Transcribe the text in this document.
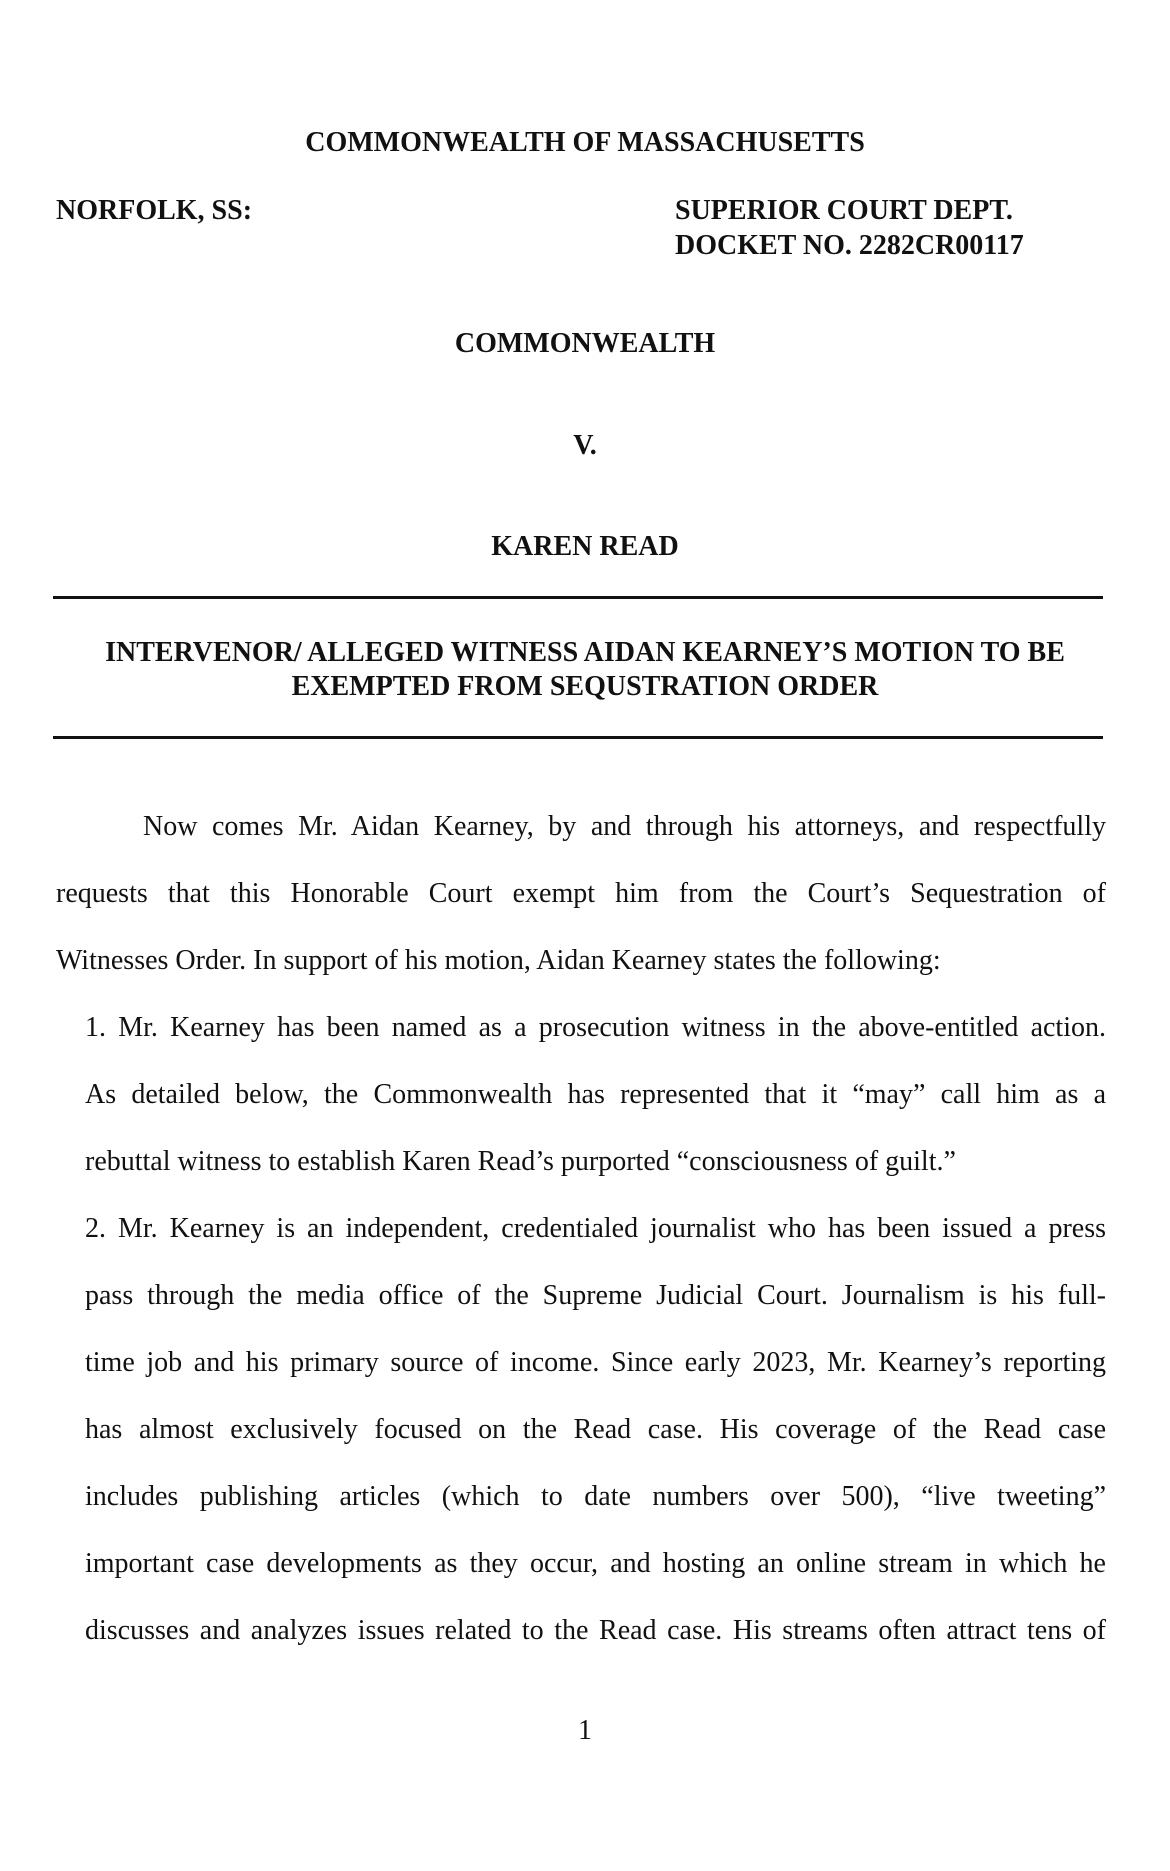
COMMONWEALTH OF MASSACHUSETTS
NORFOLK, SS:	SUPERIOR COURT DEPT.
DOCKET NO. 2282CR00117
COMMONWEALTH
V.
KAREN READ
INTERVENOR/ ALLEGED WITNESS AIDAN KEARNEY’S MOTION TO BE
EXEMPTED FROM SEQUSTRATION ORDER
Now comes Mr. Aidan Kearney, by and through his attorneys, and respectfully
requests that this Honorable Court exempt him from the Court’s Sequestration of
Witnesses Order. In support of his motion, Aidan Kearney states the following:
1. Mr. Kearney has been named as a prosecution witness in the above-entitled action.
As detailed below, the Commonwealth has represented that it “may” call him as a
rebuttal witness to establish Karen Read’s purported “consciousness of guilt.”
2. Mr. Kearney is an independent, credentialed journalist who has been issued a press
pass through the media office of the Supreme Judicial Court. Journalism is his full-
time job and his primary source of income. Since early 2023, Mr. Kearney’s reporting
has almost exclusively focused on the Read case. His coverage of the Read case
includes publishing articles (which to date numbers over 500), “live tweeting”
important case developments as they occur, and hosting an online stream in which he
discusses and analyzes issues related to the Read case. His streams often attract tens of
1
